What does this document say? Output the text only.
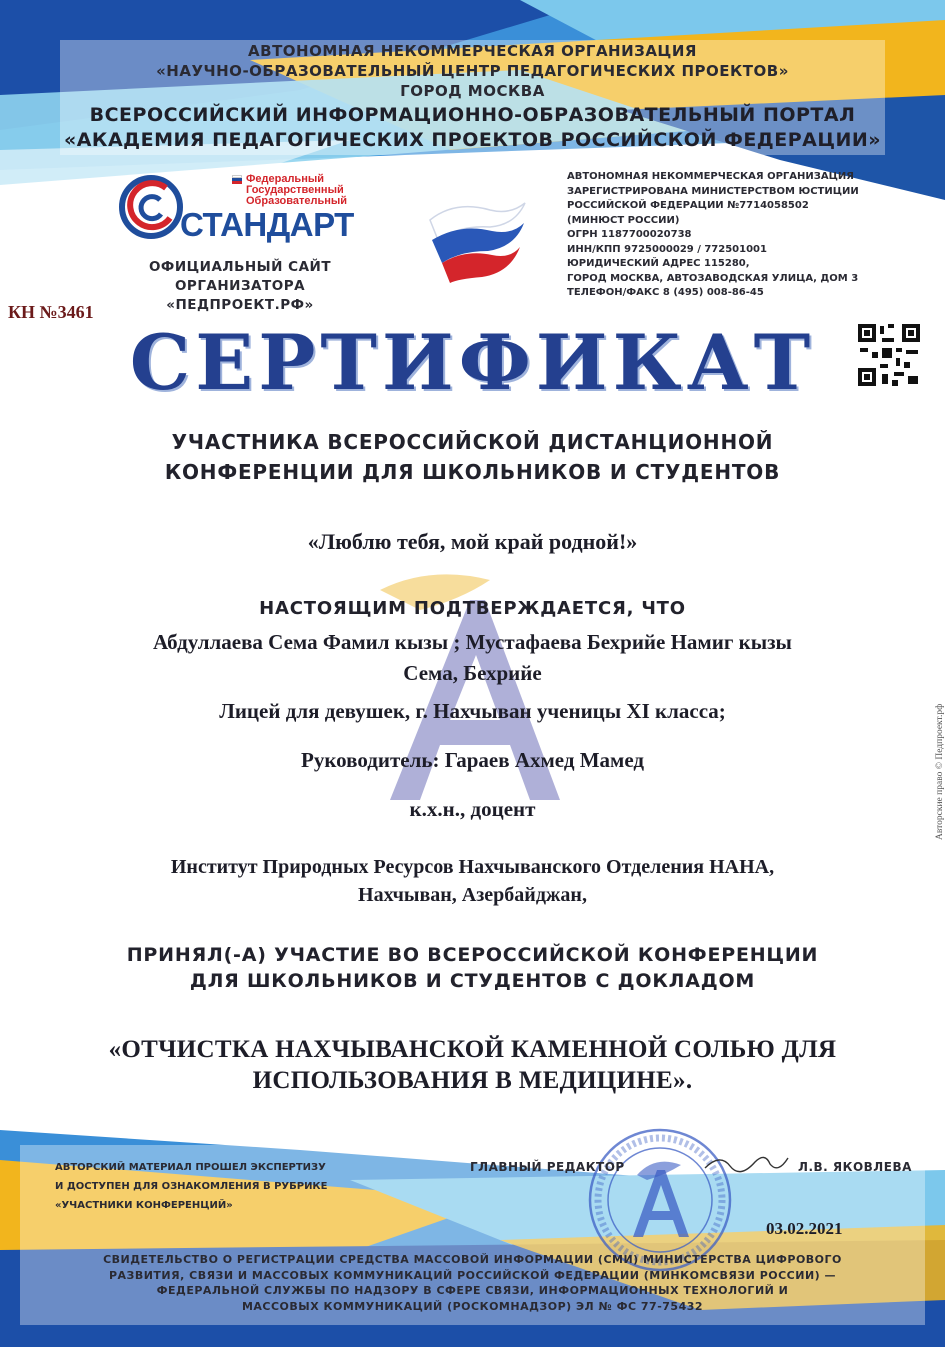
АВТОНОМНАЯ НЕКОММЕРЧЕСКАЯ ОРГАНИЗАЦИЯ
«НАУЧНО-ОБРАЗОВАТЕЛЬНЫЙ ЦЕНТР ПЕДАГОГИЧЕСКИХ ПРОЕКТОВ»
ГОРОД МОСКВА
ВСЕРОССИЙСКИЙ ИНФОРМАЦИОННО-ОБРАЗОВАТЕЛЬНЫЙ ПОРТАЛ
«АКАДЕМИЯ ПЕДАГОГИЧЕСКИХ ПРОЕКТОВ РОССИЙСКОЙ ФЕДЕРАЦИИ»
Федеральный
Государственный
Образовательный
СТАНДАРТ
ОФИЦИАЛЬНЫЙ САЙТ
ОРГАНИЗАТОРА
«ПЕДПРОЕКТ.РФ»
АВТОНОМНАЯ НЕКОММЕРЧЕСКАЯ ОРГАНИЗАЦИЯ
ЗАРЕГИСТРИРОВАНА МИНИСТЕРСТВОМ ЮСТИЦИИ
РОССИЙСКОЙ ФЕДЕРАЦИИ №7714058502
(МИНЮСТ РОССИИ)
ОГРН 1187700020738
ИНН/КПП 9725000029 / 772501001
ЮРИДИЧЕСКИЙ АДРЕС 115280,
ГОРОД МОСКВА, АВТОЗАВОДСКАЯ УЛИЦА, ДОМ 3
ТЕЛЕФОН/ФАКС 8 (495) 008-86-45
КН №3461
СЕРТИФИКАТ
УЧАСТНИКА ВСЕРОССИЙСКОЙ ДИСТАНЦИОННОЙ
КОНФЕРЕНЦИИ ДЛЯ ШКОЛЬНИКОВ И СТУДЕНТОВ
«Люблю тебя, мой край родной!»
НАСТОЯЩИМ ПОДТВЕРЖДАЕТСЯ, ЧТО
Абдуллаева Сема Фамил кызы ; Мустафаева Бехрийе Намиг кызы
Сема, Бехрийе
Лицей для девушек, г. Нахчыван ученицы XI класса;
Руководитель: Гараев Ахмед Мамед
к.х.н., доцент
Институт Природных Ресурсов Нахчыванского Отделения НАНА,
Нахчыван, Азербайджан,
ПРИНЯЛ(-А) УЧАСТИЕ ВО ВСЕРОССИЙСКОЙ КОНФЕРЕНЦИИ
ДЛЯ ШКОЛЬНИКОВ И СТУДЕНТОВ С ДОКЛАДОМ
«ОТЧИСТКА НАХЧЫВАНСКОЙ КАМЕННОЙ СОЛЬЮ ДЛЯ
ИСПОЛЬЗОВАНИЯ В МЕДИЦИНЕ».
Авторские право © Педпроект.рф
АВТОРСКИЙ МАТЕРИАЛ ПРОШЕЛ ЭКСПЕРТИЗУ
И ДОСТУПЕН ДЛЯ ОЗНАКОМЛЕНИЯ В РУБРИКЕ
«УЧАСТНИКИ КОНФЕРЕНЦИЙ»
ГЛАВНЫЙ РЕДАКТОР	Л.В. ЯКОВЛЕВА
03.02.2021
СВИДЕТЕЛЬСТВО О РЕГИСТРАЦИИ СРЕДСТВА МАССОВОЙ ИНФОРМАЦИИ (СМИ) МИНИСТЕРСТВА ЦИФРОВОГО
РАЗВИТИЯ, СВЯЗИ И МАССОВЫХ КОММУНИКАЦИЙ РОССИЙСКОЙ ФЕДЕРАЦИИ (МИНКОМСВЯЗИ РОССИИ) —
ФЕДЕРАЛЬНОЙ СЛУЖБЫ ПО НАДЗОРУ В СФЕРЕ СВЯЗИ, ИНФОРМАЦИОННЫХ ТЕХНОЛОГИЙ И
МАССОВЫХ КОММУНИКАЦИЙ (РОСКОМНАДЗОР) ЭЛ № ФС 77-75432
